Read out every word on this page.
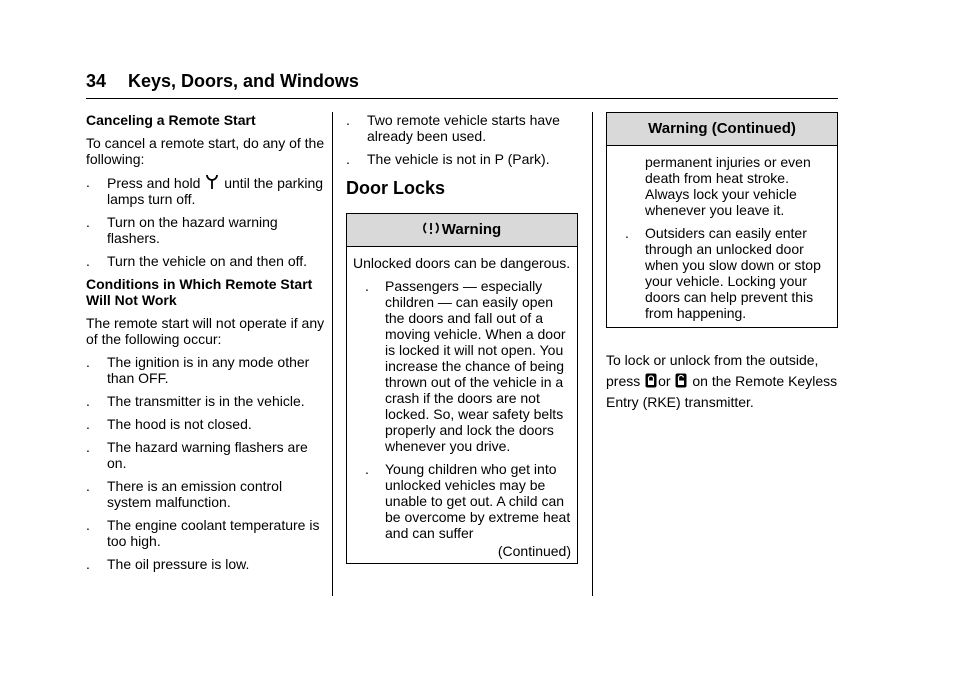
34 Keys, Doors, and Windows
Canceling a Remote Start
To cancel a remote start, do any of the following:
.	Press and hold until the parking lamps turn off.
.	Turn on the hazard warning flashers.
.	Turn the vehicle on and then off.
Conditions in Which Remote Start Will Not Work
The remote start will not operate if any of the following occur:
.	The ignition is in any mode other than OFF.
.	The transmitter is in the vehicle.
.	The hood is not closed.
.	The hazard warning flashers are on.
.	There is an emission control system malfunction.
.	The engine coolant temperature is too high.
.	The oil pressure is low.
.	Two remote vehicle starts have already been used.
.	The vehicle is not in P (Park).
Door Locks
Warning
Unlocked doors can be dangerous.
.	Passengers — especially children — can easily open the doors and fall out of a moving vehicle. When a door is locked it will not open. You increase the chance of being thrown out of the vehicle in a crash if the doors are not locked. So, wear safety belts properly and lock the doors whenever you drive.
.	Young children who get into unlocked vehicles may be unable to get out. A child can be overcome by extreme heat and can suffer
(Continued)
Warning (Continued)
permanent injuries or even death from heat stroke. Always lock your vehicle whenever you leave it.
.	Outsiders can easily enter through an unlocked door when you slow down or stop your vehicle. Locking your doors can help prevent this from happening.
To lock or unlock from the outside, press or on the Remote Keyless Entry (RKE) transmitter.
